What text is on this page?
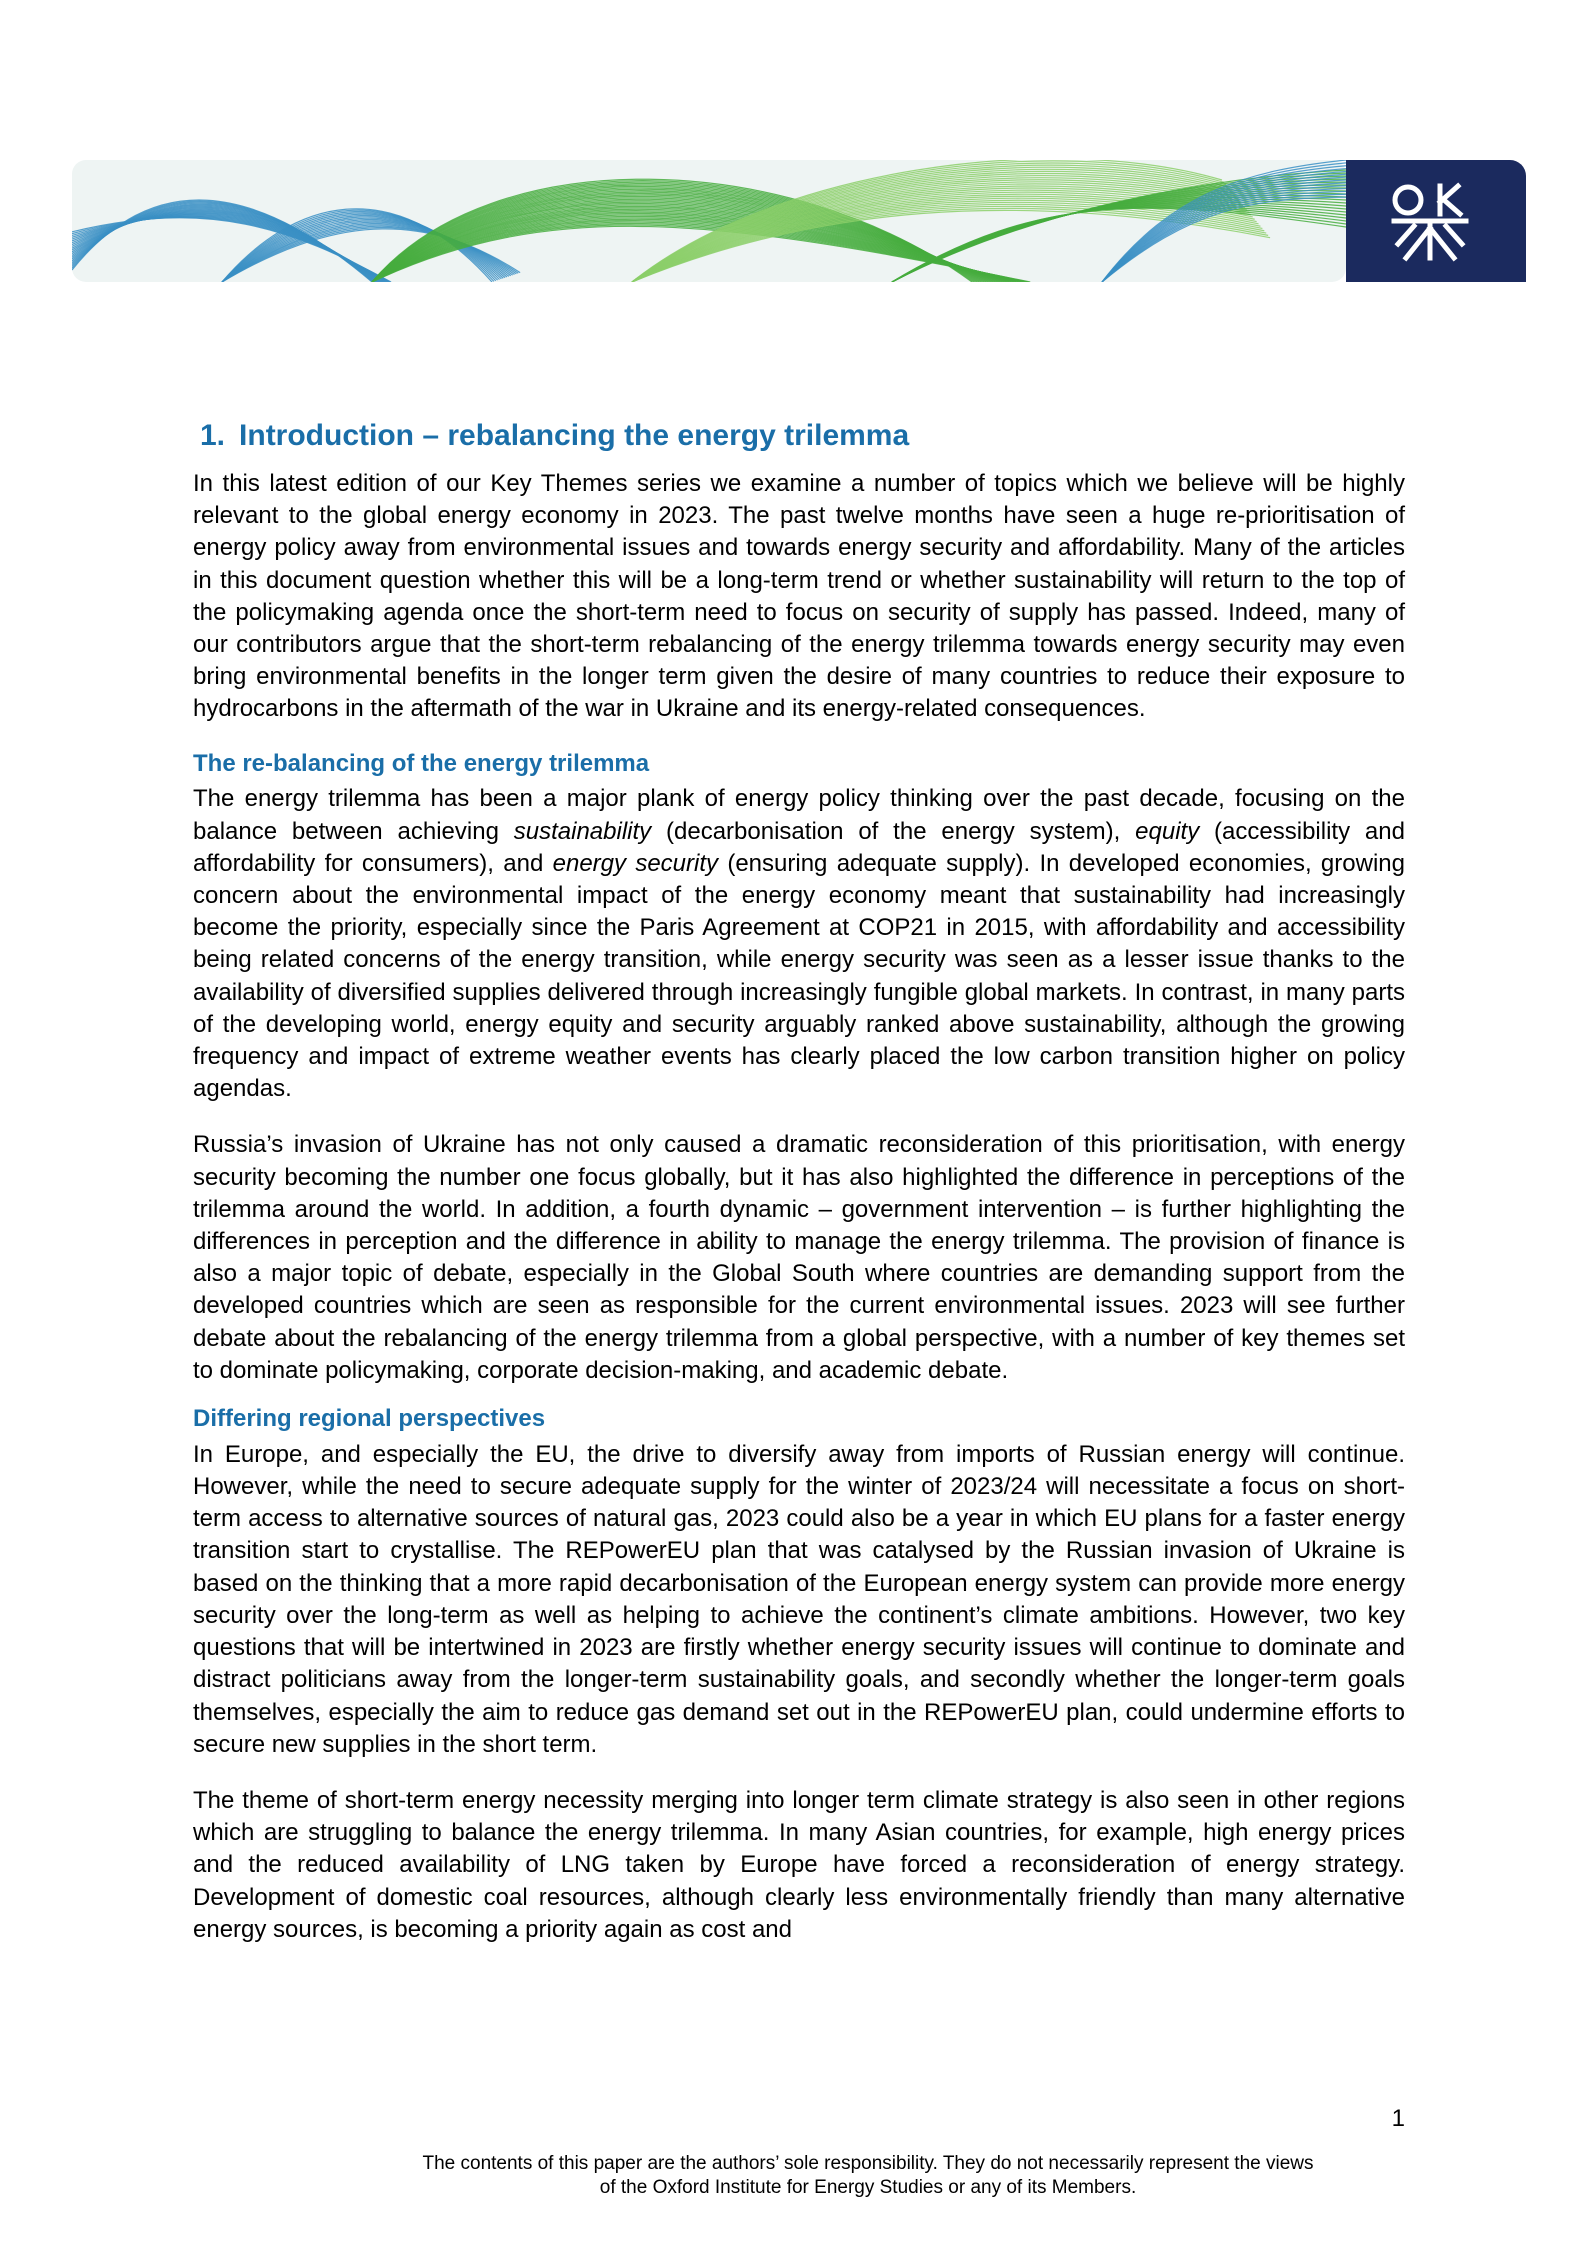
1. Introduction – rebalancing the energy trilemma

In this latest edition of our Key Themes series we examine a number of topics which we believe will be highly relevant to the global energy economy in 2023. The past twelve months have seen a huge re-prioritisation of energy policy away from environmental issues and towards energy security and affordability. Many of the articles in this document question whether this will be a long-term trend or whether sustainability will return to the top of the policymaking agenda once the short-term need to focus on security of supply has passed. Indeed, many of our contributors argue that the short-term rebalancing of the energy trilemma towards energy security may even bring environmental benefits in the longer term given the desire of many countries to reduce their exposure to hydrocarbons in the aftermath of the war in Ukraine and its energy-related consequences.

The re-balancing of the energy trilemma

The energy trilemma has been a major plank of energy policy thinking over the past decade, focusing on the balance between achieving sustainability (decarbonisation of the energy system), equity (accessibility and affordability for consumers), and energy security (ensuring adequate supply). In developed economies, growing concern about the environmental impact of the energy economy meant that sustainability had increasingly become the priority, especially since the Paris Agreement at COP21 in 2015, with affordability and accessibility being related concerns of the energy transition, while energy security was seen as a lesser issue thanks to the availability of diversified supplies delivered through increasingly fungible global markets. In contrast, in many parts of the developing world, energy equity and security arguably ranked above sustainability, although the growing frequency and impact of extreme weather events has clearly placed the low carbon transition higher on policy agendas.

Russia’s invasion of Ukraine has not only caused a dramatic reconsideration of this prioritisation, with energy security becoming the number one focus globally, but it has also highlighted the difference in perceptions of the trilemma around the world. In addition, a fourth dynamic – government intervention – is further highlighting the differences in perception and the difference in ability to manage the energy trilemma. The provision of finance is also a major topic of debate, especially in the Global South where countries are demanding support from the developed countries which are seen as responsible for the current environmental issues. 2023 will see further debate about the rebalancing of the energy trilemma from a global perspective, with a number of key themes set to dominate policymaking, corporate decision-making, and academic debate.

Differing regional perspectives

In Europe, and especially the EU, the drive to diversify away from imports of Russian energy will continue. However, while the need to secure adequate supply for the winter of 2023/24 will necessitate a focus on short-term access to alternative sources of natural gas, 2023 could also be a year in which EU plans for a faster energy transition start to crystallise. The REPowerEU plan that was catalysed by the Russian invasion of Ukraine is based on the thinking that a more rapid decarbonisation of the European energy system can provide more energy security over the long-term as well as helping to achieve the continent’s climate ambitions. However, two key questions that will be intertwined in 2023 are firstly whether energy security issues will continue to dominate and distract politicians away from the longer-term sustainability goals, and secondly whether the longer-term goals themselves, especially the aim to reduce gas demand set out in the REPowerEU plan, could undermine efforts to secure new supplies in the short term.

The theme of short-term energy necessity merging into longer term climate strategy is also seen in other regions which are struggling to balance the energy trilemma. In many Asian countries, for example, high energy prices and the reduced availability of LNG taken by Europe have forced a reconsideration of energy strategy. Development of domestic coal resources, although clearly less environmentally friendly than many alternative energy sources, is becoming a priority again as cost and

1
The contents of this paper are the authors’ sole responsibility. They do not necessarily represent the views
of the Oxford Institute for Energy Studies or any of its Members.
